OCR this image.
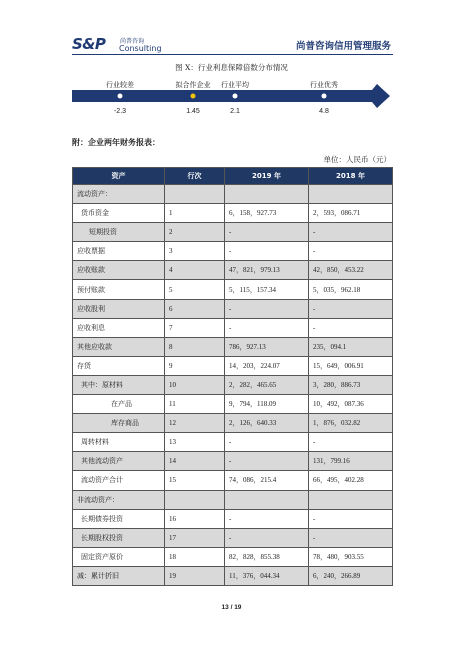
S&P 尚普咨询
Consulting	尚普咨询信用管理服务
图 X：行业利息保障倍数分布情况
行业较差
-2.3
拟合作企业
1.45
行业平均
2.1
行业优秀
4.8
附：企业两年财务报表：
单位：人民币（元）
资产	行次	2019 年	2018 年
流动资产：			
货币资金	1	6，158，927.73	2，593，086.71
短期投资	2	-	-
应收票据	3	-	-
应收账款	4	47，821，979.13	42，850，453.22
预付账款	5	5，115，157.34	5，035，962.18
应收股利	6	-	-
应收利息	7	-	-
其他应收款	8	786，927.13	235，094.1
存货	9	14，203，224.07	15，649，006.91
其中：原材料	10	2，282，465.65	3，280，886.73
在产品	11	9，794，118.09	10，492，087.36
库存商品	12	2，126，640.33	1，876，032.82
周转材料	13	-	-
其他流动资产	14	-	131，799.16
流动资产合计	15	74，086，215.4	66，495，402.28
非流动资产：			
长期债券投资	16	-	-
长期股权投资	17	-	-
固定资产原价	18	82，828，855.38	78，480，903.55
减：累计折旧	19	11，376，044.34	6，240，266.89
13 / 19
